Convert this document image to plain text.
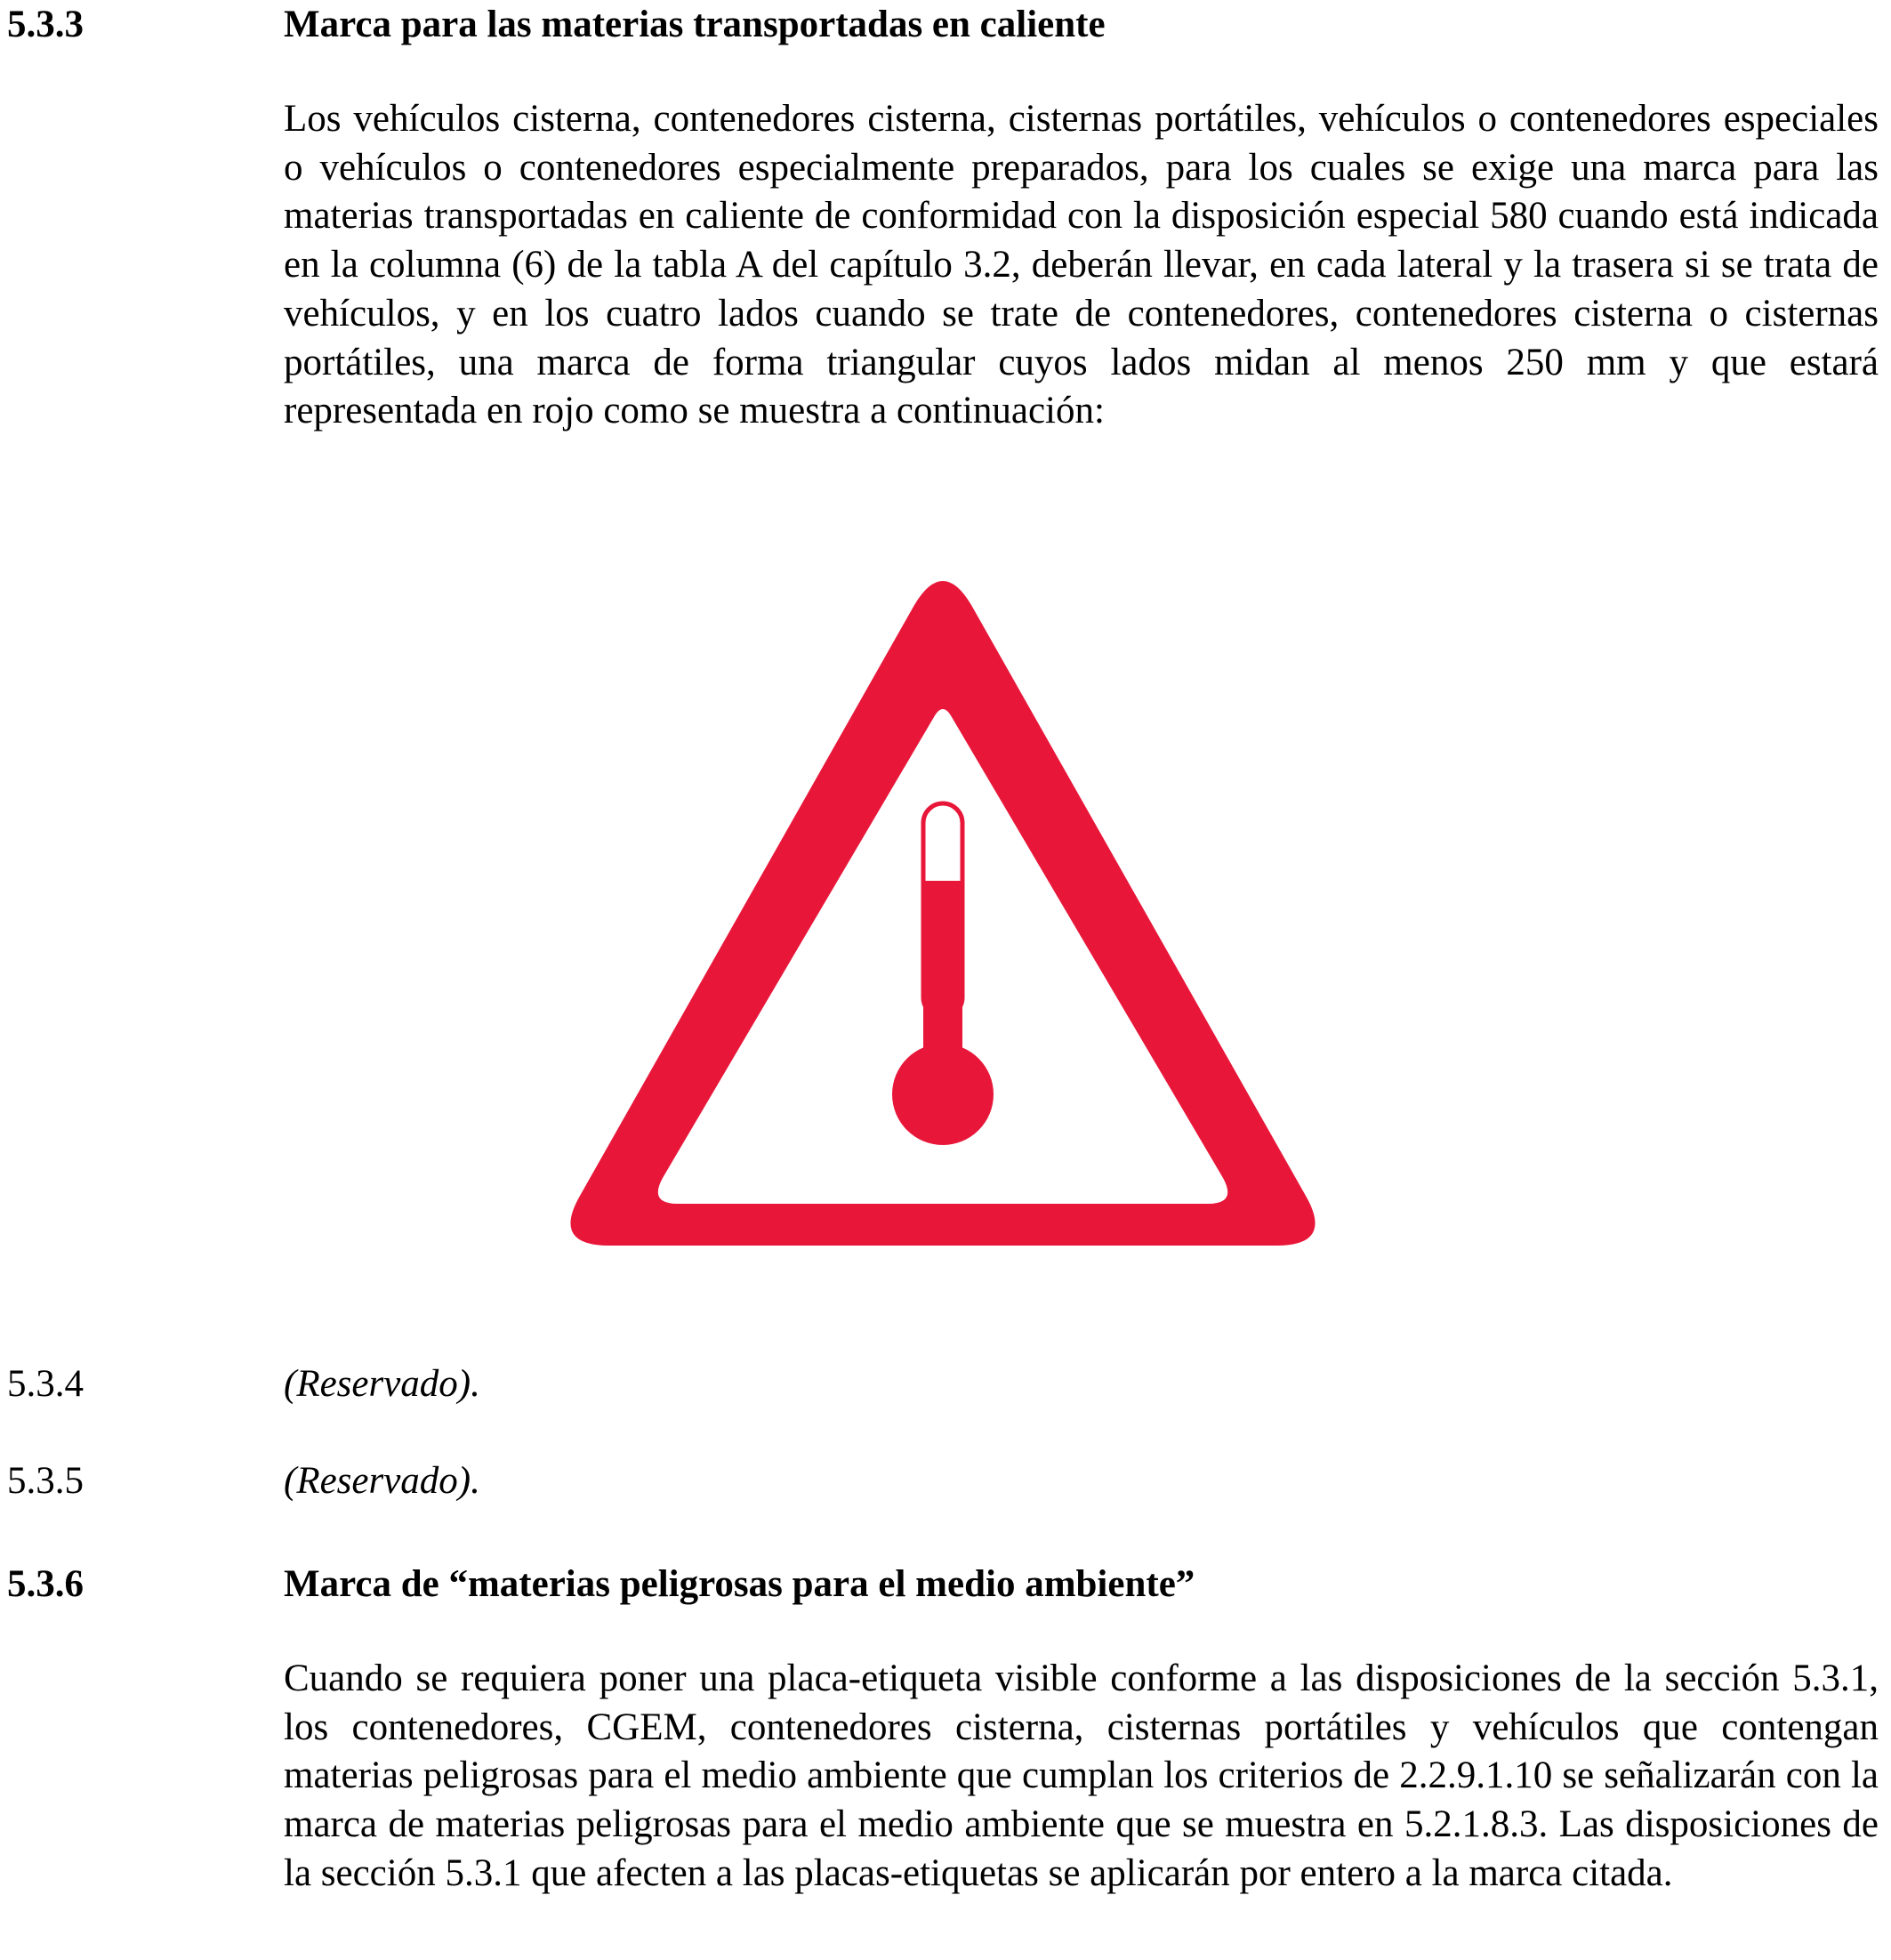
5.3.3	Marca para las materias transportadas en caliente

Los vehículos cisterna, contenedores cisterna, cisternas portátiles, vehículos o contenedores especiales o vehículos o contenedores especialmente preparados, para los cuales se exige una marca para las materias transportadas en caliente de conformidad con la disposición especial 580 cuando está indicada en la columna (6) de la tabla A del capítulo 3.2, deberán llevar, en cada lateral y la trasera si se trata de vehículos, y en los cuatro lados cuando se trate de contenedores, contenedores cisterna o cisternas portátiles, una marca de forma triangular cuyos lados midan al menos 250 mm y que estará representada en rojo como se muestra a continuación:

5.3.4	(Reservado).
5.3.5	(Reservado).
5.3.6	Marca de “materias peligrosas para el medio ambiente”

Cuando se requiera poner una placa-etiqueta visible conforme a las disposiciones de la sección 5.3.1, los contenedores, CGEM, contenedores cisterna, cisternas portátiles y vehículos que contengan materias peligrosas para el medio ambiente que cumplan los criterios de 2.2.9.1.10 se señalizarán con la marca de materias peligrosas para el medio ambiente que se muestra en 5.2.1.8.3. Las disposiciones de la sección 5.3.1 que afecten a las placas-etiquetas se aplicarán por entero a la marca citada.
